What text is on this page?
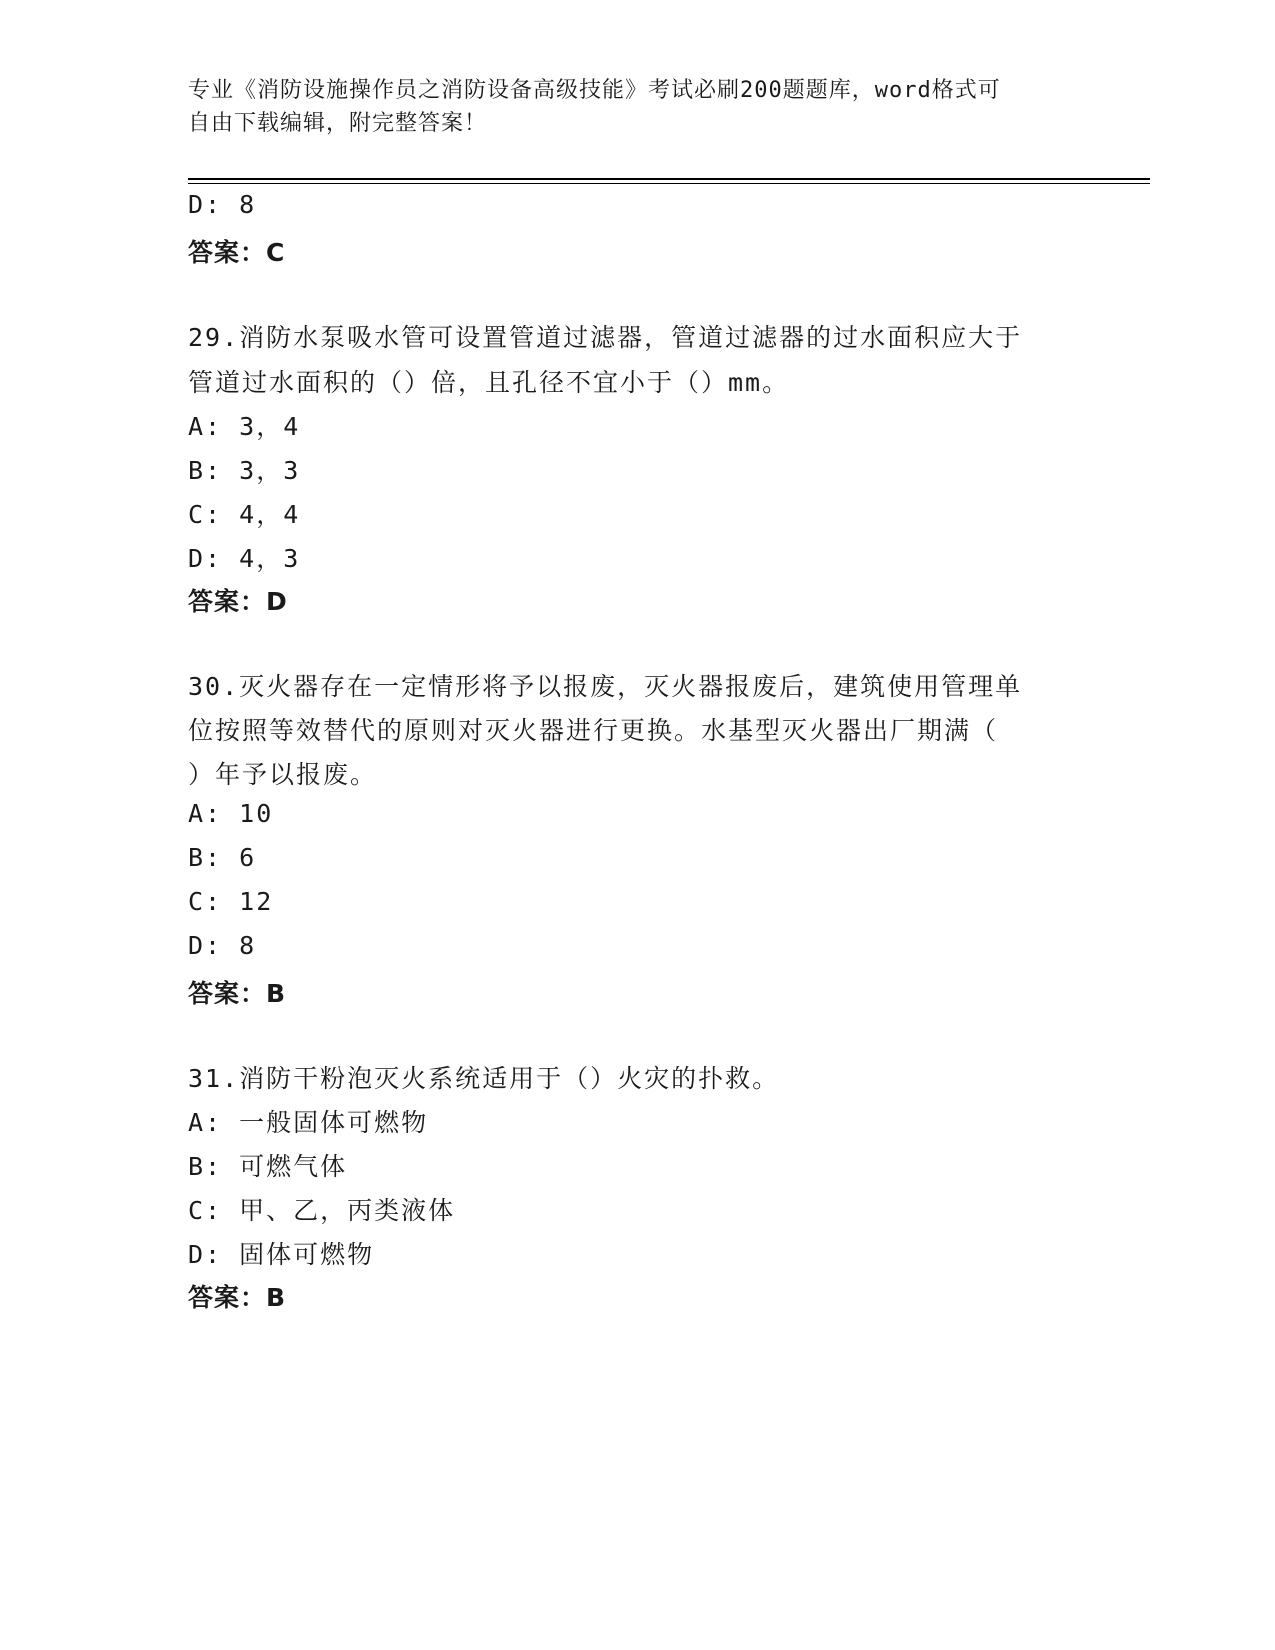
专业《消防设施操作员之消防设备高级技能》考试必刷200题题库，word格式可
自由下载编辑，附完整答案！
D: 8
答案：C
29.消防水泵吸水管可设置管道过滤器，管道过滤器的过水面积应大于
管道过水面积的（）倍，且孔径不宜小于（）mm。
A: 3，4
B: 3，3
C: 4，4
D: 4，3
答案：D
30.灭火器存在一定情形将予以报废，灭火器报废后，建筑使用管理单
位按照等效替代的原则对灭火器进行更换。水基型灭火器出厂期满（
）年予以报废。
A: 10
B: 6
C: 12
D: 8
答案：B
31.消防干粉泡灭火系统适用于（）火灾的扑救。
A: 一般固体可燃物
B: 可燃气体
C: 甲、乙，丙类液体
D: 固体可燃物
答案：B
